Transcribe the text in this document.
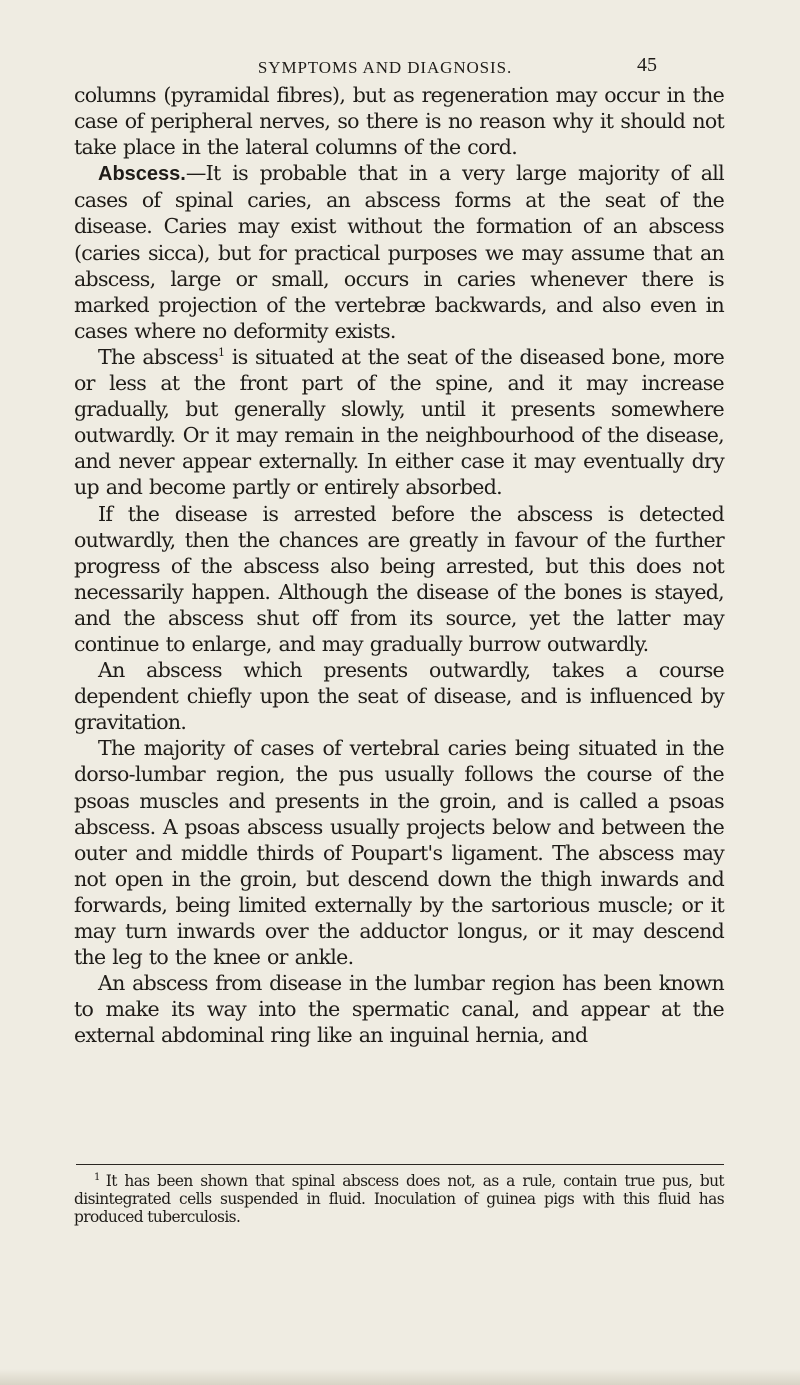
SYMPTOMS AND DIAGNOSIS.	45

columns (pyramidal fibres), but as regeneration may occur in the case of peripheral nerves, so there is no reason why it should not take place in the lateral columns of the cord.

Abscess.—It is probable that in a very large majority of all cases of spinal caries, an abscess forms at the seat of the disease. Caries may exist without the formation of an abscess (caries sicca), but for practical purposes we may assume that an abscess, large or small, occurs in caries whenever there is marked projection of the vertebræ backwards, and also even in cases where no deformity exists.

The abscess$^1$ is situated at the seat of the diseased bone, more or less at the front part of the spine, and it may increase gradually, but generally slowly, until it presents somewhere outwardly. Or it may remain in the neighbourhood of the disease, and never appear externally. In either case it may eventually dry up and become partly or entirely absorbed.

If the disease is arrested before the abscess is detected outwardly, then the chances are greatly in favour of the further progress of the abscess also being arrested, but this does not necessarily happen. Although the disease of the bones is stayed, and the abscess shut off from its source, yet the latter may continue to enlarge, and may gradually burrow outwardly.

An abscess which presents outwardly, takes a course dependent chiefly upon the seat of disease, and is influenced by gravitation.

The majority of cases of vertebral caries being situated in the dorso-lumbar region, the pus usually follows the course of the psoas muscles and presents in the groin, and is called a psoas abscess. A psoas abscess usually projects below and between the outer and middle thirds of Poupart's ligament. The abscess may not open in the groin, but descend down the thigh inwards and forwards, being limited externally by the sartorious muscle; or it may turn inwards over the adductor longus, or it may descend the leg to the knee or ankle.

An abscess from disease in the lumbar region has been known to make its way into the spermatic canal, and appear at the external abdominal ring like an inguinal hernia, and

$^1$ It has been shown that spinal abscess does not, as a rule, contain true pus, but disintegrated cells suspended in fluid. Inoculation of guinea pigs with this fluid has produced tuberculosis.
